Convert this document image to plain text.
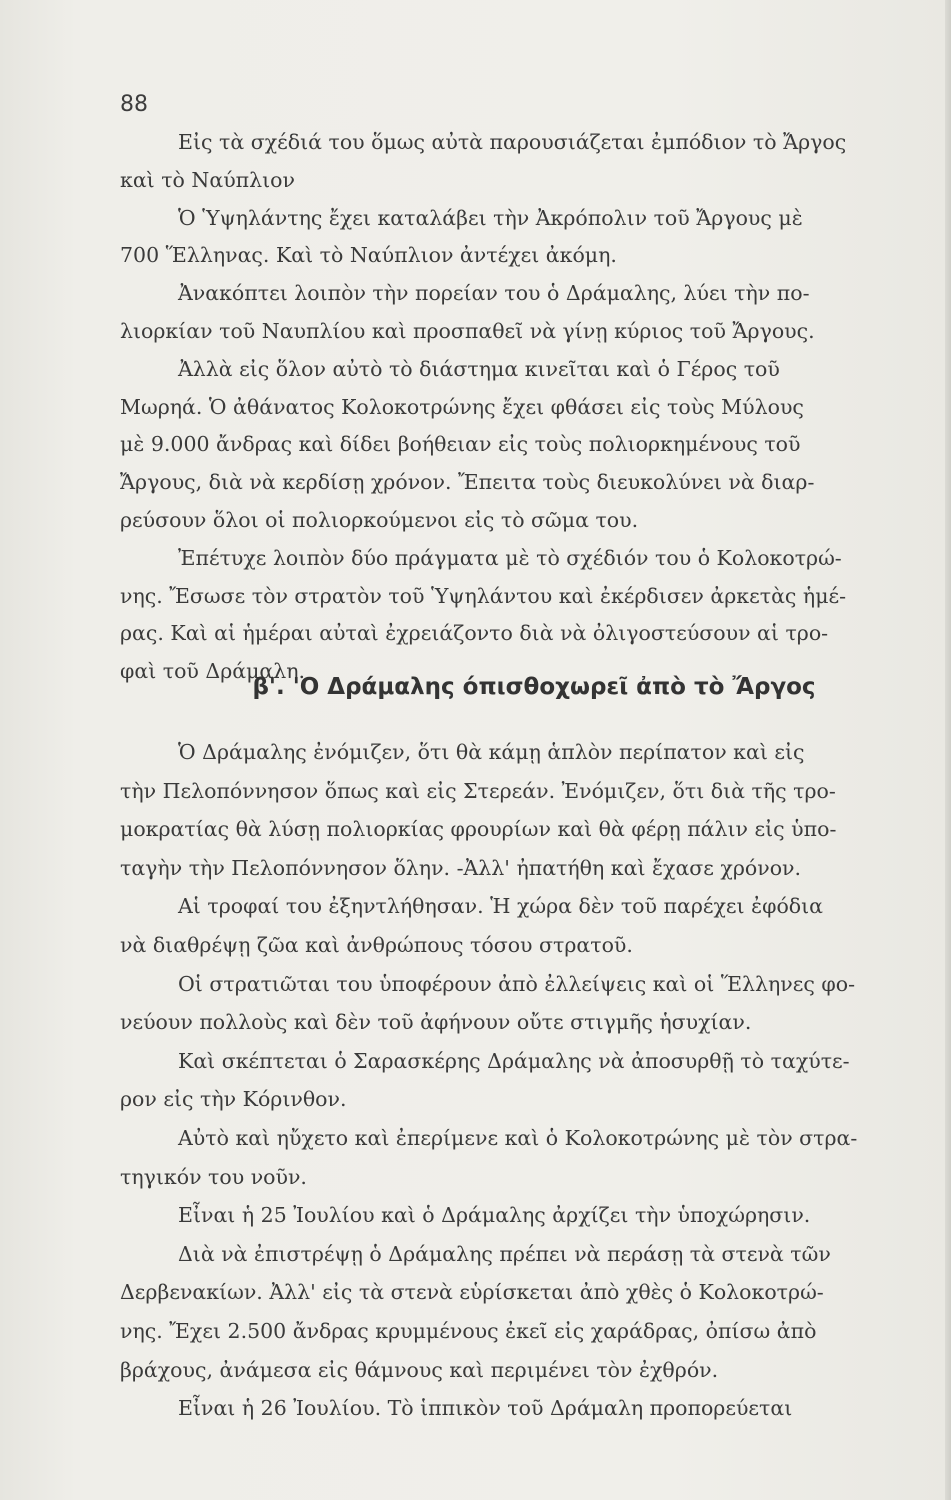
88
Εἰς τὰ σχέδιά του ὅμως αὐτὰ παρουσιάζεται ἐμπόδιον τὸ Ἄργος
καὶ τὸ Ναύπλιον
Ὁ Ὑψηλάντης ἔχει καταλάβει τὴν Ἀκρόπολιν τοῦ Ἄργους μὲ
700 Ἕλληνας. Καὶ τὸ Ναύπλιον ἀντέχει ἀκόμη.
Ἀνακόπτει λοιπὸν τὴν πορείαν του ὁ Δράμαλης, λύει τὴν πο-
λιορκίαν τοῦ Ναυπλίου καὶ προσπαθεῖ νὰ γίνῃ κύριος τοῦ Ἄργους.
Ἀλλὰ εἰς ὅλον αὐτὸ τὸ διάστημα κινεῖται καὶ ὁ Γέρος τοῦ
Μωρηά. Ὁ ἀθάνατος Κολοκοτρώνης ἔχει φθάσει εἰς τοὺς Μύλους
μὲ 9.000 ἄνδρας καὶ δίδει βοήθειαν εἰς τοὺς πολιορκημένους τοῦ
Ἄργους, διὰ νὰ κερδίσῃ χρόνον. Ἔπειτα τοὺς διευκολύνει νὰ διαρ-
ρεύσουν ὅλοι οἱ πολιορκούμενοι εἰς τὸ σῶμα του.
Ἐπέτυχε λοιπὸν δύο πράγματα μὲ τὸ σχέδιόν του ὁ Κολοκοτρώ-
νης. Ἔσωσε τὸν στρατὸν τοῦ Ὑψηλάντου καὶ ἐκέρδισεν ἀρκετὰς ἡμέ-
ρας. Καὶ αἱ ἡμέραι αὐταὶ ἐχρειάζοντο διὰ νὰ ὀλιγοστεύσουν αἱ τρο-
φαὶ τοῦ Δράμαλη.
β'. 'Ο Δράμαλης όπισθοχωρεῖ ἀπὸ τὸ Ἄργος
Ὁ Δράμαλης ἐνόμιζεν, ὅτι θὰ κάμῃ ἁπλὸν περίπατον καὶ εἰς
τὴν Πελοπόννησον ὅπως καὶ εἰς Στερεάν. Ἐνόμιζεν, ὅτι διὰ τῆς τρο-
μοκρατίας θὰ λύσῃ πολιορκίας φρουρίων καὶ θὰ φέρῃ πάλιν εἰς ὑπο-
ταγὴν τὴν Πελοπόννησον ὅλην. -Ἀλλ' ἠπατήθη καὶ ἔχασε χρόνον.
Αἱ τροφαί του ἐξηντλήθησαν. Ἡ χώρα δὲν τοῦ παρέχει ἐφόδια
νὰ διαθρέψῃ ζῶα καὶ ἀνθρώπους τόσου στρατοῦ.
Οἱ στρατιῶται του ὑποφέρουν ἀπὸ ἐλλείψεις καὶ οἱ Ἕλληνες φο-
νεύουν πολλοὺς καὶ δὲν τοῦ ἀφήνουν οὔτε στιγμῆς ἡσυχίαν.
Καὶ σκέπτεται ὁ Σαρασκέρης Δράμαλης νὰ ἀποσυρθῇ τὸ ταχύτε-
ρον εἰς τὴν Κόρινθον.
Αὐτὸ καὶ ηὔχετο καὶ ἐπερίμενε καὶ ὁ Κολοκοτρώνης μὲ τὸν στρα-
τηγικόν του νοῦν.
Εἶναι ἡ 25 Ἰουλίου καὶ ὁ Δράμαλης ἀρχίζει τὴν ὑποχώρησιν.
Διὰ νὰ ἐπιστρέψῃ ὁ Δράμαλης πρέπει νὰ περάσῃ τὰ στενὰ τῶν
Δερβενακίων. Ἀλλ' εἰς τὰ στενὰ εὑρίσκεται ἀπὸ χθὲς ὁ Κολοκοτρώ-
νης. Ἔχει 2.500 ἄνδρας κρυμμένους ἐκεῖ εἰς χαράδρας, ὀπίσω ἀπὸ
βράχους, ἀνάμεσα εἰς θάμνους καὶ περιμένει τὸν ἐχθρόν.
Εἶναι ἡ 26 Ἰουλίου. Τὸ ἱππικὸν τοῦ Δράμαλη προπορεύεται
